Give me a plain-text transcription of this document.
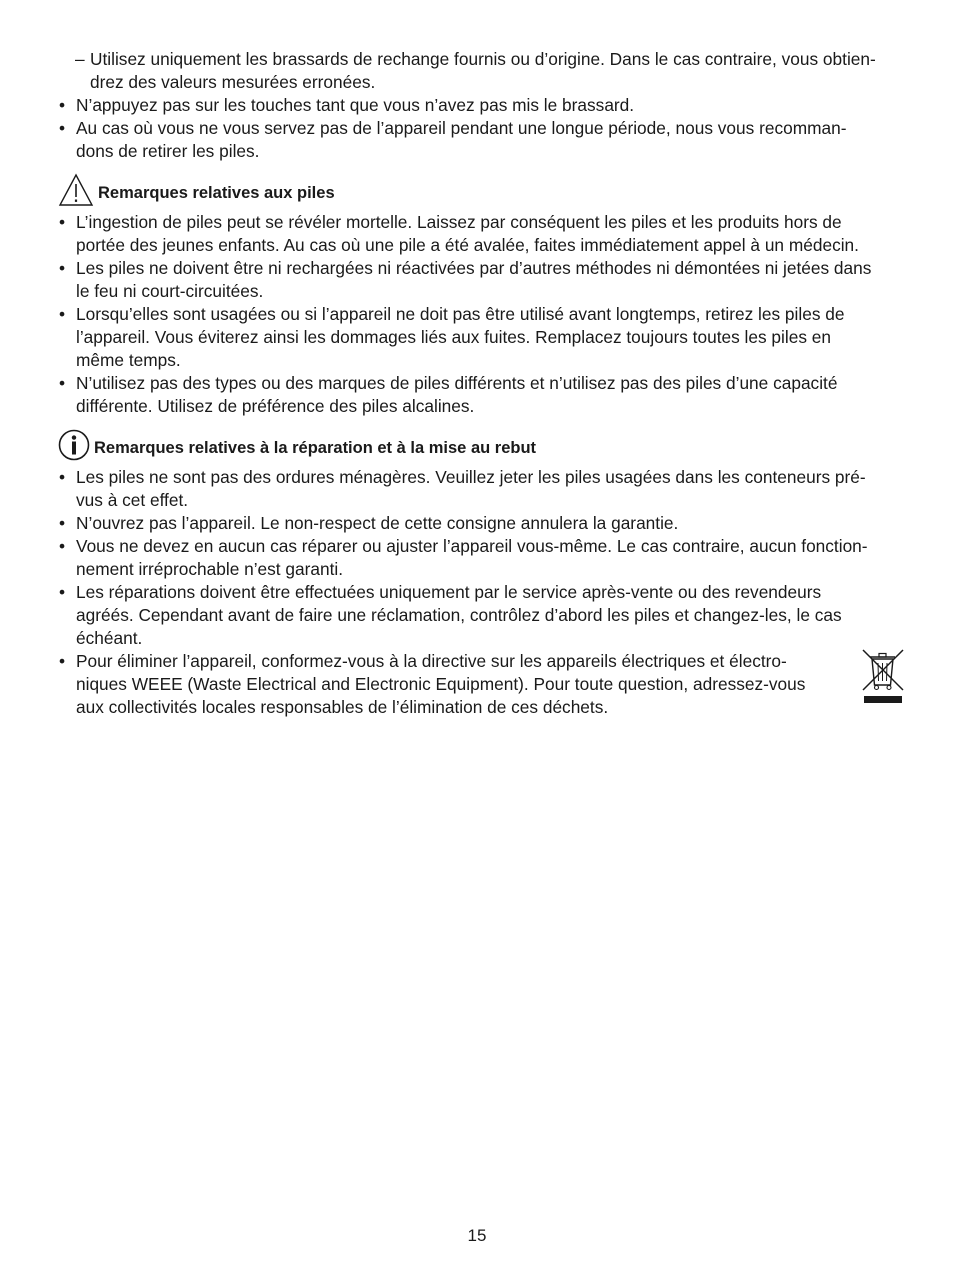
– Utilisez uniquement les brassards de rechange fournis ou d’origine. Dans le cas contraire, vous obtien-
drez des valeurs mesurées erronées.
• N’appuyez pas sur les touches tant que vous n’avez pas mis le brassard.
• Au cas où vous ne vous servez pas de l’appareil pendant une longue période, nous vous recomman-
dons de retirer les piles.
Remarques relatives aux piles
• L’ingestion de piles peut se révéler mortelle. Laissez par conséquent les piles et les produits hors de
portée des jeunes enfants. Au cas où une pile a été avalée, faites immédiatement appel à un médecin.
• Les piles ne doivent être ni rechargées ni réactivées par d’autres méthodes ni démontées ni jetées dans
le feu ni court-circuitées.
• Lorsqu’elles sont usagées ou si l’appareil ne doit pas être utilisé avant longtemps, retirez les piles de
l’appareil. Vous éviterez ainsi les dommages liés aux fuites. Remplacez toujours toutes les piles en
même temps.
• N’utilisez pas des types ou des marques de piles différents et n’utilisez pas des piles d’une capacité
différente. Utilisez de préférence des piles alcalines.
Remarques relatives à la réparation et à la mise au rebut
• Les piles ne sont pas des ordures ménagères. Veuillez jeter les piles usagées dans les conteneurs pré-
vus à cet effet.
• N’ouvrez pas l’appareil. Le non-respect de cette consigne annulera la garantie.
• Vous ne devez en aucun cas réparer ou ajuster l’appareil vous-même. Le cas contraire, aucun fonction-
nement irréprochable n’est garanti.
• Les réparations doivent être effectuées uniquement par le service après-vente ou des revendeurs
agréés. Cependant avant de faire une réclamation, contrôlez d’abord les piles et changez-les, le cas
échéant.
• Pour éliminer l’appareil, conformez-vous à la directive sur les appareils électriques et électro-
niques WEEE (Waste Electrical and Electronic Equipment). Pour toute question, adressez-vous
aux collectivités locales responsables de l’élimination de ces déchets.
15
